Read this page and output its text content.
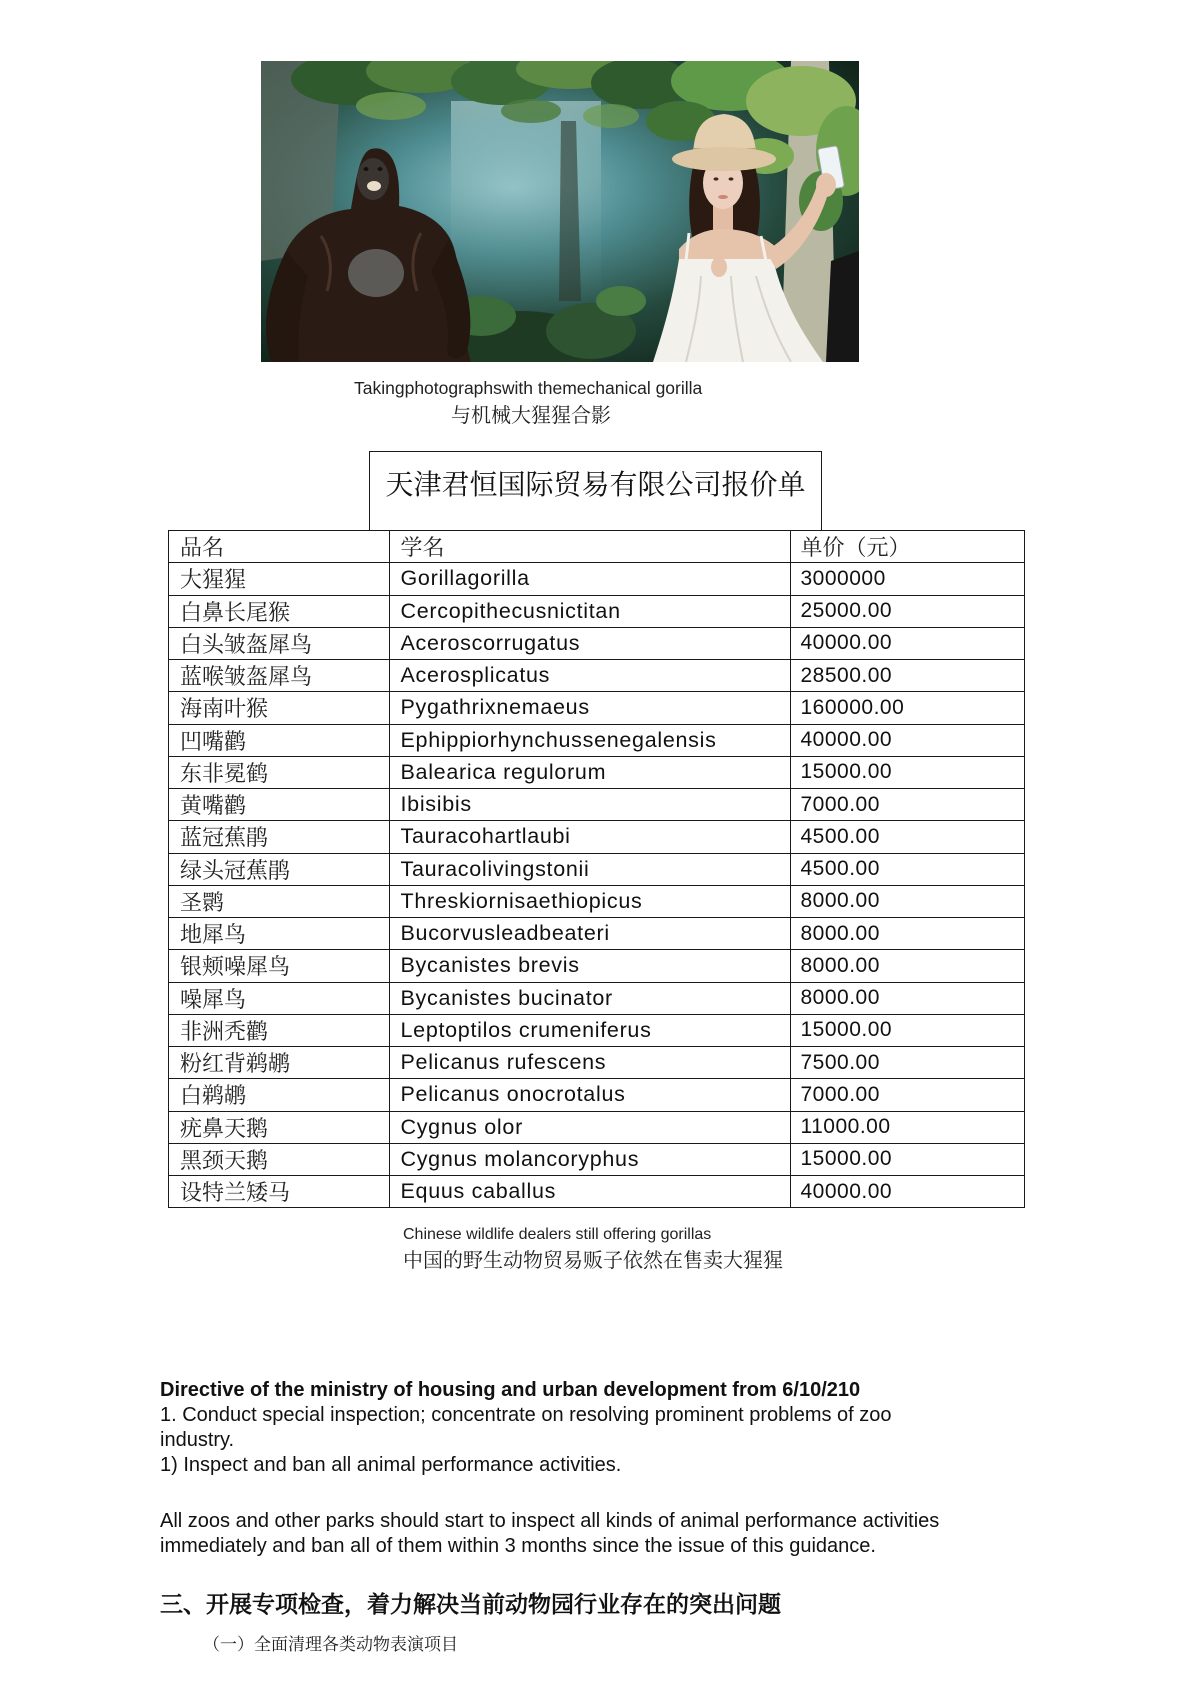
Takingphotographswith themechanical gorilla
与机械大猩猩合影
天津君恒国际贸易有限公司报价单
品名	学名	单价（元）
大猩猩	Gorillagorilla	3000000
白鼻长尾猴	Cercopithecusnictitan	25000.00
白头皱盔犀鸟	Aceroscorrugatus	40000.00
蓝喉皱盔犀鸟	Acerosplicatus	28500.00
海南叶猴	Pygathrixnemaeus	160000.00
凹嘴鹳	Ephippiorhynchussenegalensis	40000.00
东非冕鹤	Balearica regulorum	15000.00
黄嘴鹳	Ibisibis	7000.00
蓝冠蕉鹃	Tauracohartlaubi	4500.00
绿头冠蕉鹃	Tauracolivingstonii	4500.00
圣鹮	Threskiornisaethiopicus	8000.00
地犀鸟	Bucorvusleadbeateri	8000.00
银颊噪犀鸟	Bycanistes brevis	8000.00
噪犀鸟	Bycanistes bucinator	8000.00
非洲秃鹳	Leptoptilos crumeniferus	15000.00
粉红背鹈鹕	Pelicanus rufescens	7500.00
白鹈鹕	Pelicanus onocrotalus	7000.00
疣鼻天鹅	Cygnus olor	11000.00
黑颈天鹅	Cygnus molancoryphus	15000.00
设特兰矮马	Equus caballus	40000.00
Chinese wildlife dealers still offering gorillas
中国的野生动物贸易贩子依然在售卖大猩猩
Directive of the ministry of housing and urban development from 6/10/210
1. Conduct special inspection; concentrate on resolving prominent problems of zoo
industry.
1) Inspect and ban all animal performance activities.
All zoos and other parks should start to inspect all kinds of animal performance activities
immediately and ban all of them within 3 months since the issue of this guidance.
三、开展专项检查，着力解决当前动物园行业存在的突出问题
（一）全面清理各类动物表演项目
